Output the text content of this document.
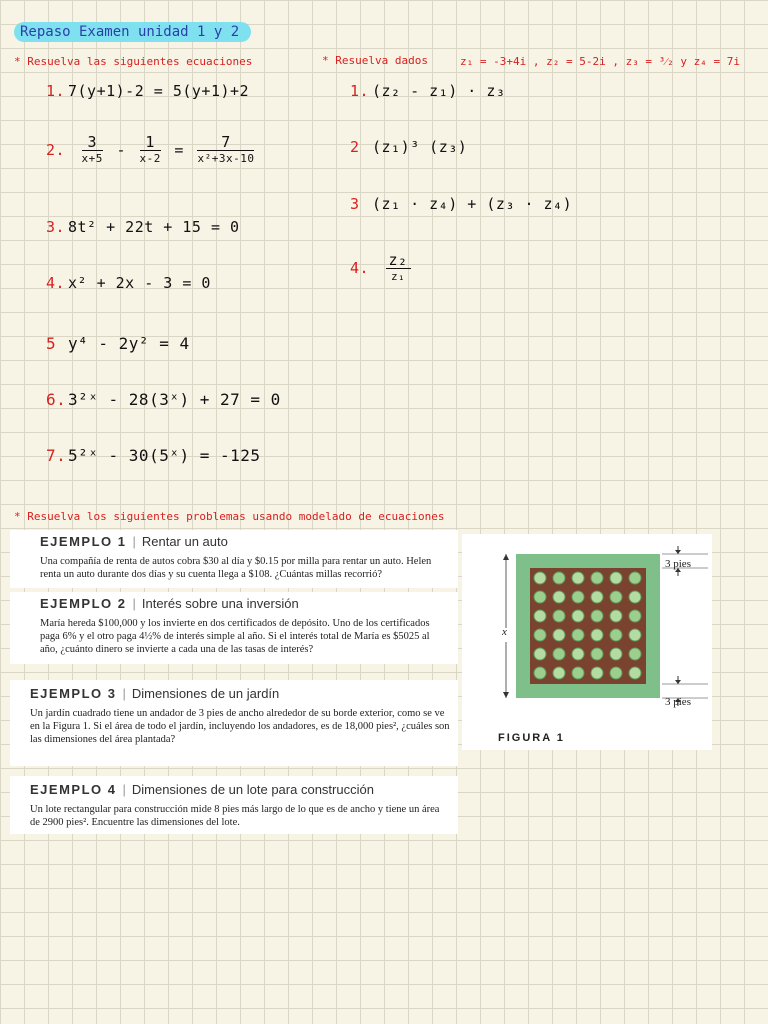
Repaso Examen unidad 1 y 2
* Resuelva las siguientes ecuaciones
1. 7(y+1)-2 = 5(y+1)+2
2. $\frac{3}{x+5} - \frac{1}{x-2} = \frac{7}{\text{x²+3x-10}}$
3. 8t² + 22t + 15 = 0
4. x² + 2x - 3 = 0
5 y⁴ - 2y² = 4
6. 3²ˣ - 28(3ˣ) + 27 = 0
7. 5²ˣ - 30(5ˣ) = -125
* Resuelva dados	z₁ = -3+4i , z₂ = 5-2i , z₃ = ³⁄₂ y z₄ = 7i
1. (z₂ - z₁) · z₃
2 (z₁)³ (z₃)
3 (z₁ · z₄) + (z₃ · z₄)
4. $\frac{\text{z₂}}{\text{z₁}}$
* Resuelva los siguientes problemas usando modelado de ecuaciones
EJEMPLO 1 | Rentar un auto
Una compañía de renta de autos cobra $30 al día y $0.15 por milla para rentar un auto. Helen renta un auto durante dos días y su cuenta llega a $108. ¿Cuántas millas recorrió?
EJEMPLO 2 | Interés sobre una inversión
María hereda $100,000 y los invierte en dos certificados de depósito. Uno de los certificados paga 6% y el otro paga 4½% de interés simple al año. Si el interés total de María es $5025 al año, ¿cuánto dinero se invierte a cada una de las tasas de interés?
EJEMPLO 3 | Dimensiones de un jardín
Un jardín cuadrado tiene un andador de 3 pies de ancho alrededor de su borde exterior, como se ve en la Figura 1. Si el área de todo el jardín, incluyendo los andadores, es de 18,000 pies², ¿cuáles son las dimensiones del área plantada?
EJEMPLO 4 | Dimensiones de un lote para construcción
Un lote rectangular para construcción mide 8 pies más largo de lo que es de ancho y tiene un área de 2900 pies². Encuentre las dimensiones del lote.
3 pies
3 pies
x
FIGURA 1
